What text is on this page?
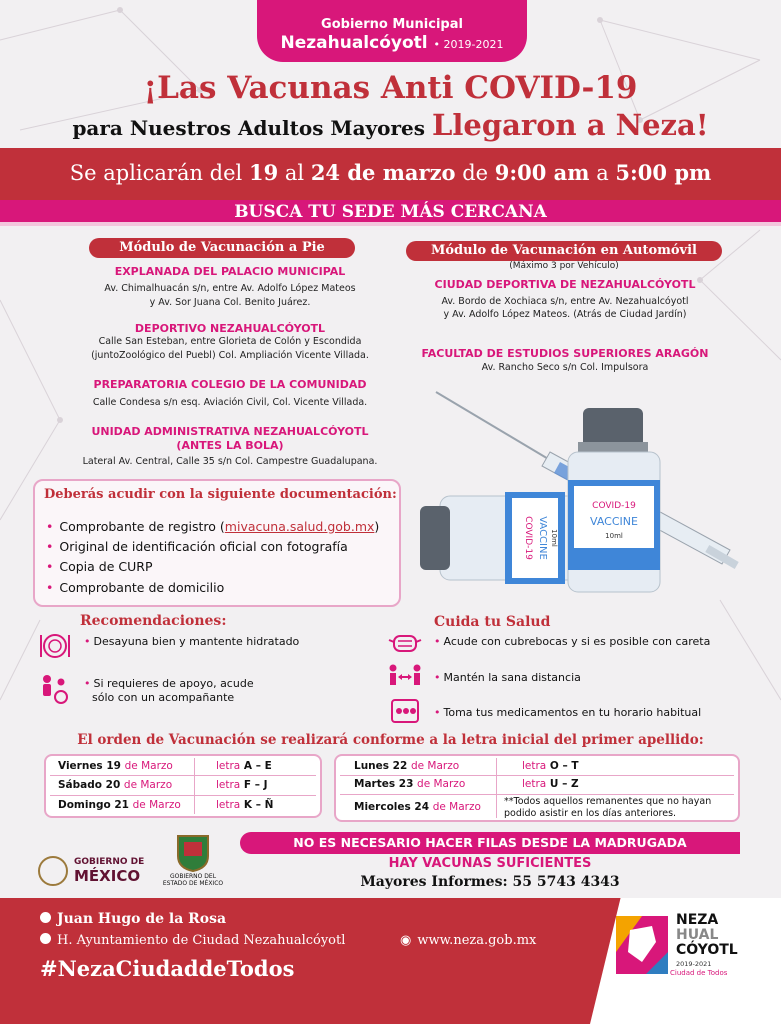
Gobierno Municipal
Nezahualcóyotl • 2019-2021
¡Las Vacunas Anti COVID-19
para Nuestros Adultos Mayores Llegaron a Neza!
Se aplicarán del 19 al 24 de marzo de 9:00 am a 5:00 pm
BUSCA TU SEDE MÁS CERCANA
Módulo de Vacunación a Pie
EXPLANADA DEL PALACIO MUNICIPAL
Av. Chimalhuacán s/n, entre Av. Adolfo López Mateos
y Av. Sor Juana Col. Benito Juárez.
DEPORTIVO NEZAHUALCÓYOTL
Calle San Esteban, entre Glorieta de Colón y Escondida
(juntoZoológico del Puebl) Col. Ampliación Vicente Villada.
PREPARATORIA COLEGIO DE LA COMUNIDAD
Calle Condesa s/n esq. Aviación Civil, Col. Vicente Villada.
UNIDAD ADMINISTRATIVA NEZAHUALCÓYOTL
(ANTES LA BOLA)
Lateral Av. Central, Calle 35 s/n Col. Campestre Guadalupana.
Módulo de Vacunación en Automóvil
(Máximo 3 por Vehículo)
CIUDAD DEPORTIVA DE NEZAHUALCÓYOTL
Av. Bordo de Xochiaca s/n, entre Av. Nezahualcóyotl
y Av. Adolfo López Mateos. (Atrás de Ciudad Jardín)
FACULTAD DE ESTUDIOS SUPERIORES ARAGÓN
Av. Rancho Seco s/n Col. Impulsora
COVID-19 VACCINE 10ml
COVID-19
VACCINE
10ml
Deberás acudir con la siguiente documentación:
• Comprobante de registro (mivacuna.salud.gob.mx)
• Original de identificación oficial con fotografía
• Copia de CURP
• Comprobante de domicilio
Recomendaciones:
• Desayuna bien y mantente hidratado
• Si requieres de apoyo, acude
sólo con un acompañante
Cuida tu Salud
• Acude con cubrebocas y si es posible con careta
• Mantén la sana distancia
• Toma tus medicamentos en tu horario habitual
El orden de Vacunación se realizará conforme a la letra inicial del primer apellido:
Viernes 19 de Marzo	letra A – E
Sábado 20 de Marzo	letra F – J
Domingo 21 de Marzo	letra K – Ñ
Lunes 22 de Marzo	letra O – T
Martes 23 de Marzo	letra U – Z
Miercoles 24 de Marzo **Todos aquellos remanentes que no hayan
podido asistir en los días anteriores.
GOBIERNO DE
MÉXICO	GOBIERNO DEL
ESTADO DE MÉXICO
NO ES NECESARIO HACER FILAS DESDE LA MADRUGADA
HAY VACUNAS SUFICIENTES
Mayores Informes: 55 5743 4343
Juan Hugo de la Rosa
H. Ayuntamiento de Ciudad Nezahualcóyotl	◉ www.neza.gob.mx
#NezaCiudaddeTodos
NEZA
HUAL
CÓYOTL
2019-2021
Ciudad de Todos
